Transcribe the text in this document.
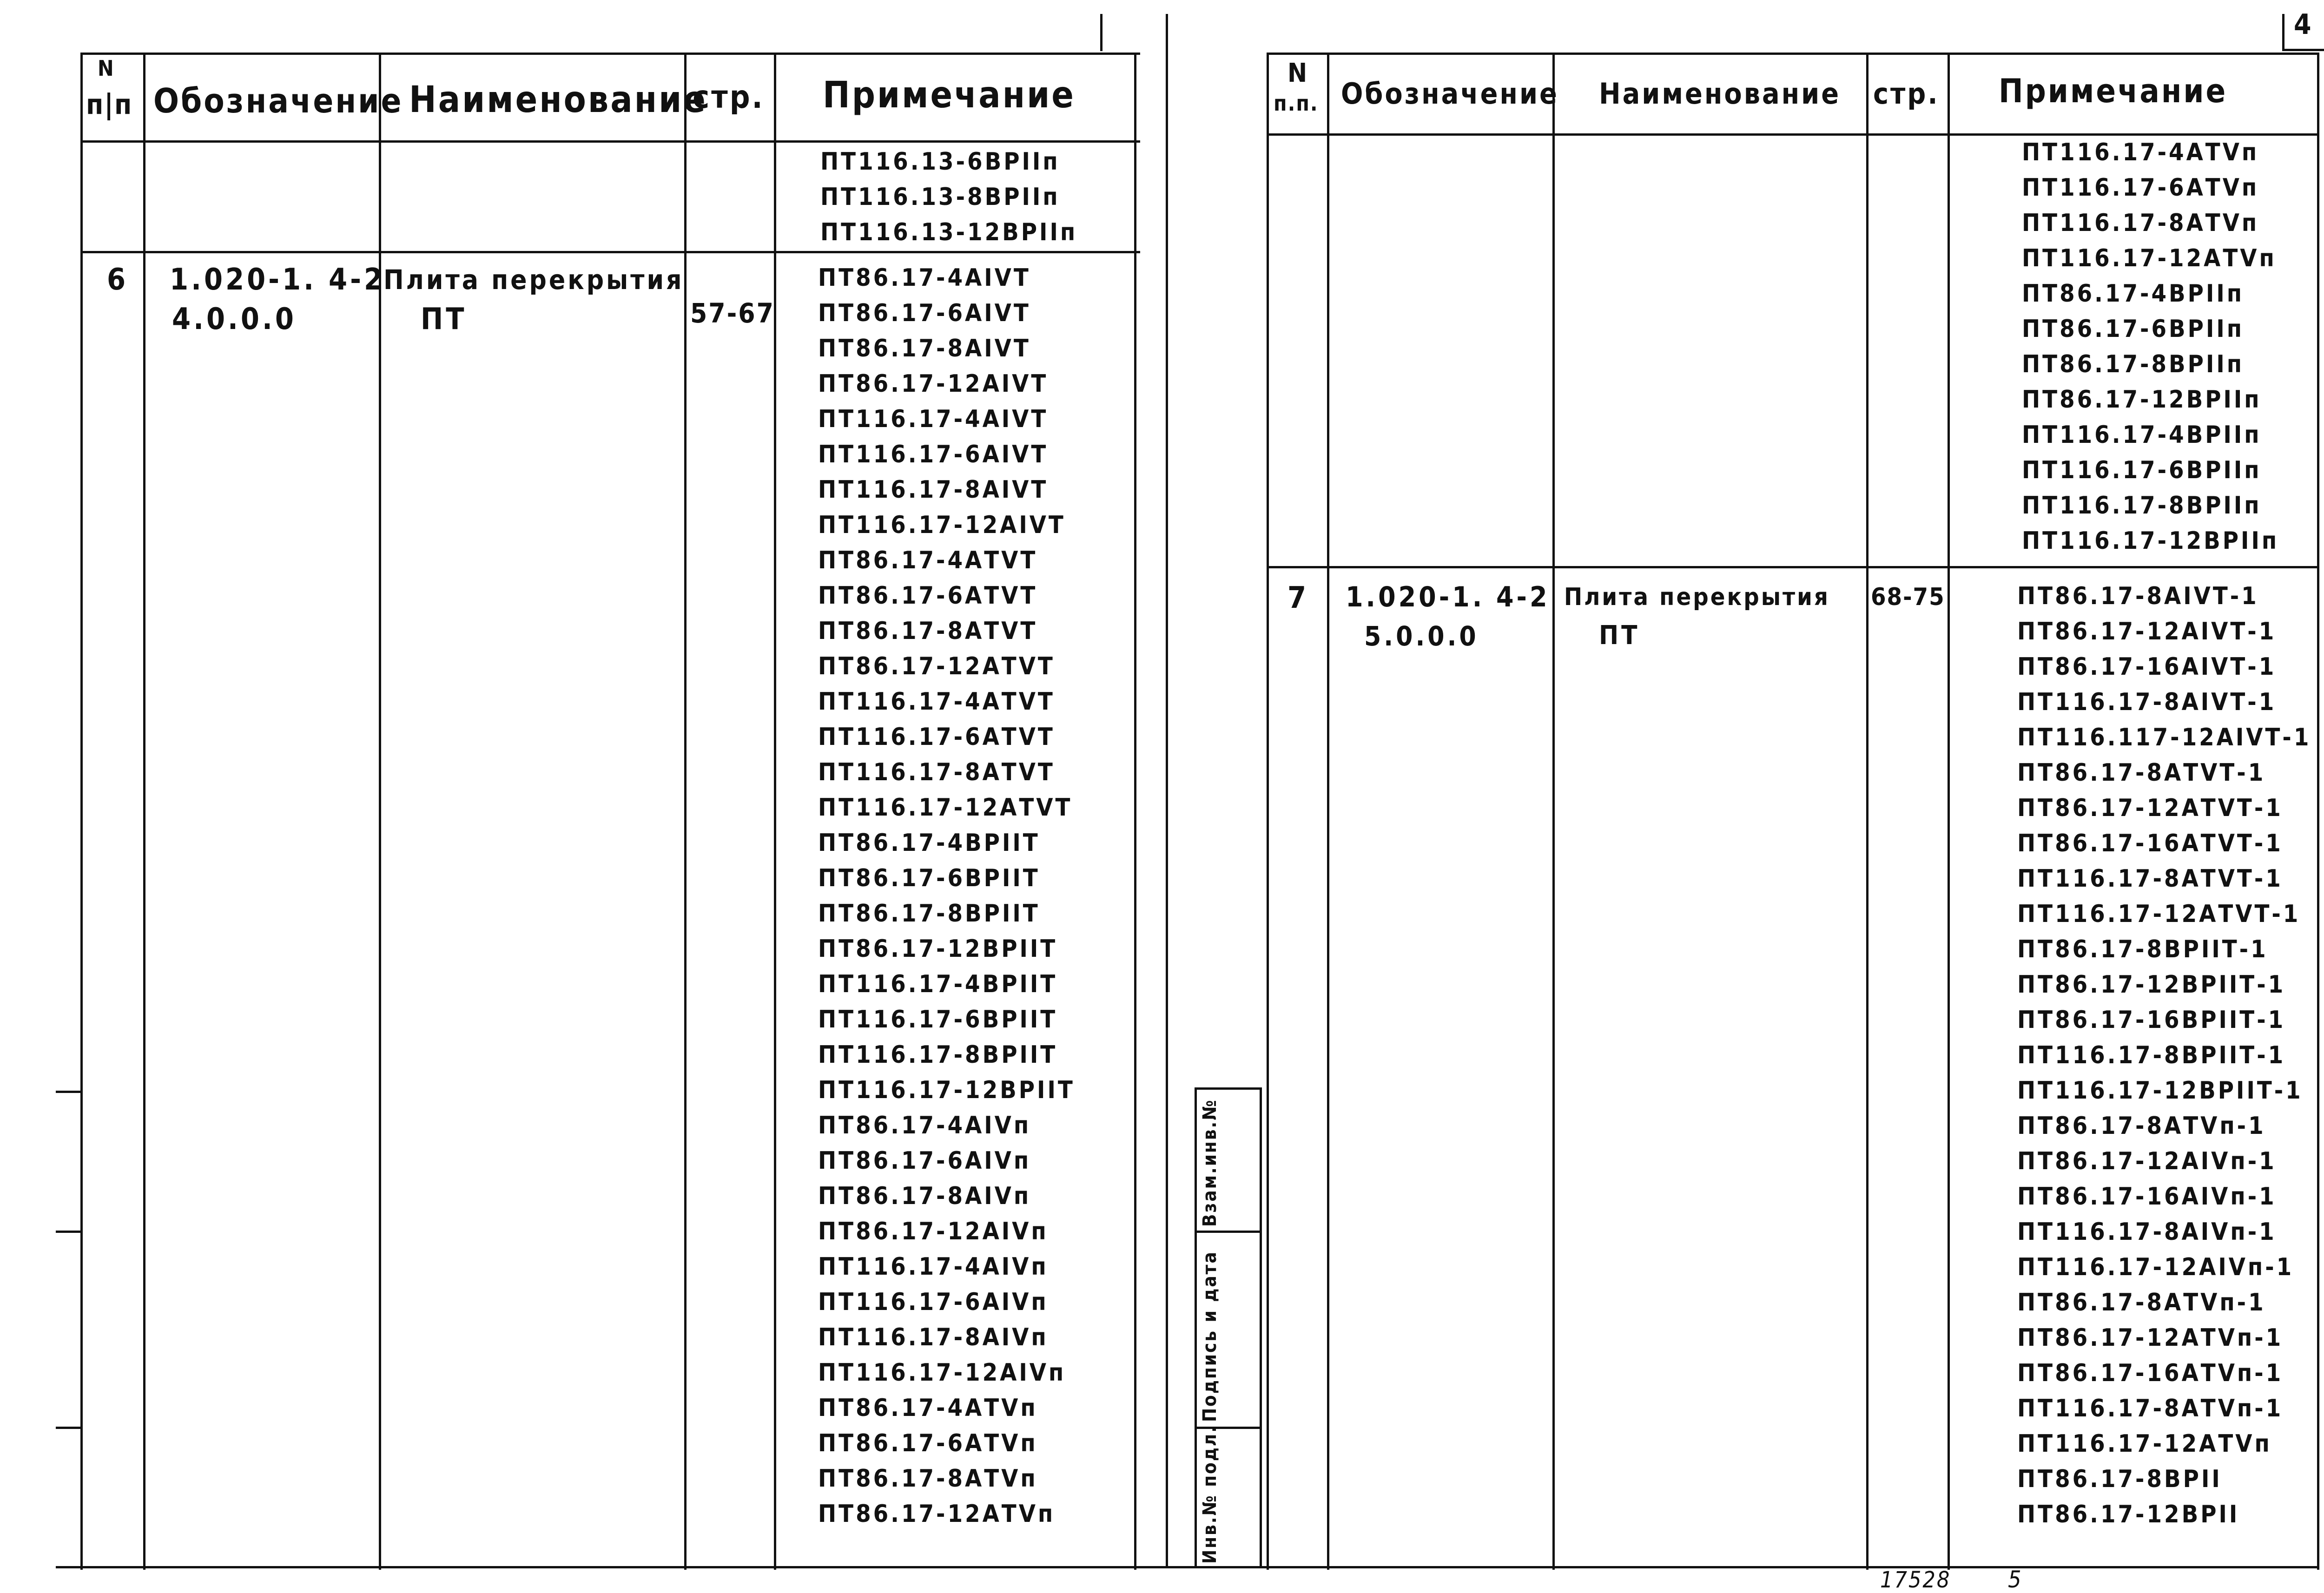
Взам.инв.№
Подпись и дата
Инв.№ подл.
4
N
п|п Обозначение Наименование
стр. Примечание
ПТ116.13-6ВРIIп
ПТ116.13-8ВРIIп
ПТ116.13-12ВРIIп
6 1.020-1. 4-2
4.0.0.0
Плита перекрытия
ПТ	57-67
ПТ86.17-4АIVТ
ПТ86.17-6АIVТ
ПТ86.17-8АIVТ
ПТ86.17-12АIVТ
ПТ116.17-4АIVТ
ПТ116.17-6АIVТ
ПТ116.17-8АIVТ
ПТ116.17-12АIVТ
ПТ86.17-4АТVТ
ПТ86.17-6АТVТ
ПТ86.17-8АТVТ
ПТ86.17-12АТVТ
ПТ116.17-4АТVТ
ПТ116.17-6АТVТ
ПТ116.17-8АТVТ
ПТ116.17-12АТVТ
ПТ86.17-4ВРIIТ
ПТ86.17-6ВРIIТ
ПТ86.17-8ВРIIТ
ПТ86.17-12ВРIIТ
ПТ116.17-4ВРIIТ
ПТ116.17-6ВРIIТ
ПТ116.17-8ВРIIТ
ПТ116.17-12ВРIIТ
ПТ86.17-4АIVп
ПТ86.17-6АIVп
ПТ86.17-8АIVп
ПТ86.17-12АIVп
ПТ116.17-4АIVп
ПТ116.17-6АIVп
ПТ116.17-8АIVп
ПТ116.17-12АIVп
ПТ86.17-4АТVп
ПТ86.17-6АТVп
ПТ86.17-8АТVп
ПТ86.17-12АТVп
N
п.п. Обозначение Наименование стр. Примечание
ПТ116.17-4АТVп
ПТ116.17-6АТVп
ПТ116.17-8АТVп
ПТ116.17-12АТVп
ПТ86.17-4ВРIIп
ПТ86.17-6ВРIIп
ПТ86.17-8ВРIIп
ПТ86.17-12ВРIIп
ПТ116.17-4ВРIIп
ПТ116.17-6ВРIIп
ПТ116.17-8ВРIIп
ПТ116.17-12ВРIIп
7 1.020-1. 4-2
5.0.0.0
Плита перекрытия
ПТ
68-75	ПТ86.17-8АIVТ-1
ПТ86.17-12АIVТ-1
ПТ86.17-16АIVТ-1
ПТ116.17-8АIVТ-1
ПТ116.117-12АIVТ-1
ПТ86.17-8АТVТ-1
ПТ86.17-12АТVТ-1
ПТ86.17-16АТVТ-1
ПТ116.17-8АТVТ-1
ПТ116.17-12АТVТ-1
ПТ86.17-8ВРIIТ-1
ПТ86.17-12ВРIIТ-1
ПТ86.17-16ВРIIТ-1
ПТ116.17-8ВРIIТ-1
ПТ116.17-12ВРIIТ-1
ПТ86.17-8АТVп-1
ПТ86.17-12АIVп-1
ПТ86.17-16АIVп-1
ПТ116.17-8АIVп-1
ПТ116.17-12АIVп-1
ПТ86.17-8АТVп-1
ПТ86.17-12АТVп-1
ПТ86.17-16АТVп-1
ПТ116.17-8АТVп-1
ПТ116.17-12АТVп
ПТ86.17-8ВРII
ПТ86.17-12ВРII
17528 5
